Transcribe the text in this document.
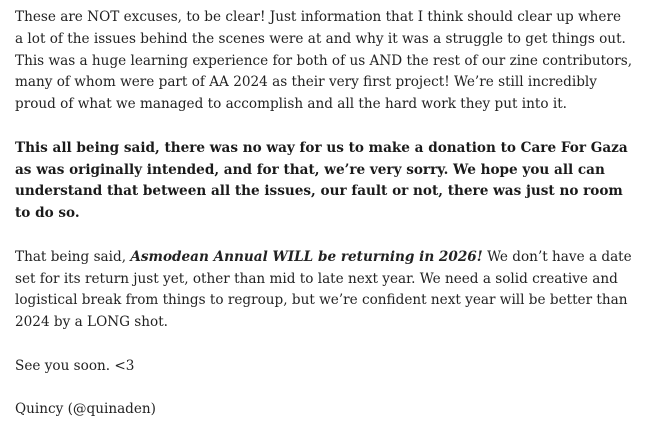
These are NOT excuses, to be clear! Just information that I think should clear up where a lot of the issues behind the scenes were at and why it was a struggle to get things out. This was a huge learning experience for both of us AND the rest of our zine contributors, many of whom were part of AA 2024 as their very first project! We’re still incredibly proud of what we managed to accomplish and all the hard work they put into it.

This all being said, there was no way for us to make a donation to Care For Gaza as was originally intended, and for that, we’re very sorry. We hope you all can understand that between all the issues, our fault or not, there was just no room to do so.

That being said, Asmodean Annual WILL be returning in 2026! We don’t have a date set for its return just yet, other than mid to late next year. We need a solid creative and logistical break from things to regroup, but we’re confident next year will be better than 2024 by a LONG shot.

See you soon. <3

Quincy (@quinaden)
